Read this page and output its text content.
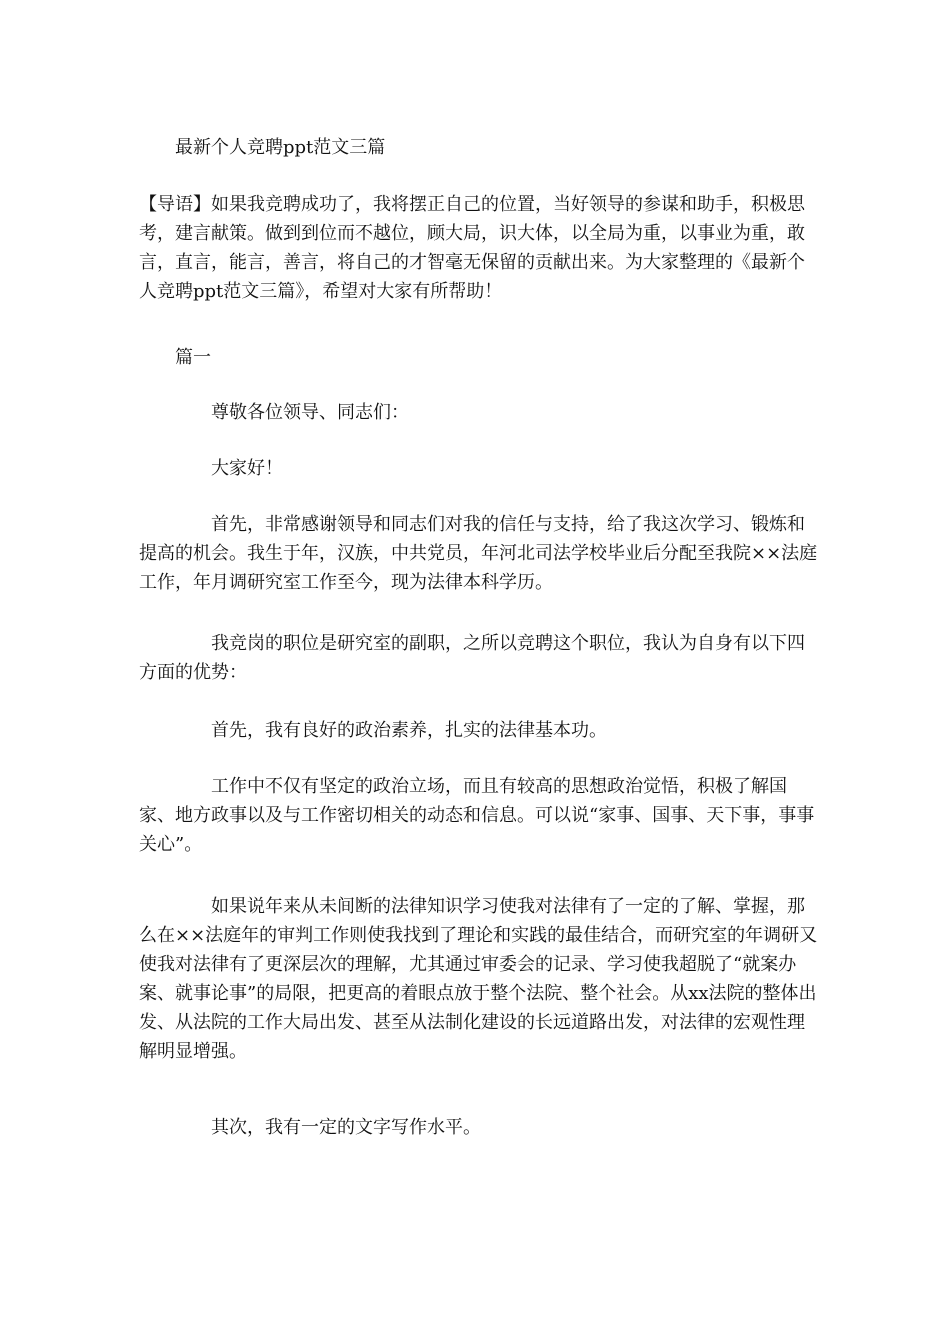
最新个人竞聘ppt范文三篇

【导语】如果我竞聘成功了，我将摆正自己的位置，当好领导的参谋和助手，积极思考，建言献策。做到到位而不越位，顾大局，识大体，以全局为重，以事业为重，敢言，直言，能言，善言，将自己的才智毫无保留的贡献出来。为大家整理的《最新个人竞聘ppt范文三篇》，希望对大家有所帮助！

篇一

尊敬各位领导、同志们：

大家好！

首先，非常感谢领导和同志们对我的信任与支持，给了我这次学习、锻炼和提高的机会。我生于年，汉族，中共党员，年河北司法学校毕业后分配至我院××法庭工作，年月调研究室工作至今，现为法律本科学历。

我竞岗的职位是研究室的副职，之所以竞聘这个职位，我认为自身有以下四方面的优势：

首先，我有良好的政治素养，扎实的法律基本功。

工作中不仅有坚定的政治立场，而且有较高的思想政治觉悟，积极了解国家、地方政事以及与工作密切相关的动态和信息。可以说“家事、国事、天下事，事事关心”。

如果说年来从未间断的法律知识学习使我对法律有了一定的了解、掌握，那么在××法庭年的审判工作则使我找到了理论和实践的最佳结合，而研究室的年调研又使我对法律有了更深层次的理解，尤其通过审委会的记录、学习使我超脱了“就案办案、就事论事”的局限，把更高的着眼点放于整个法院、整个社会。从xx法院的整体出发、从法院的工作大局出发、甚至从法制化建设的长远道路出发，对法律的宏观性理解明显增强。

其次，我有一定的文字写作水平。
